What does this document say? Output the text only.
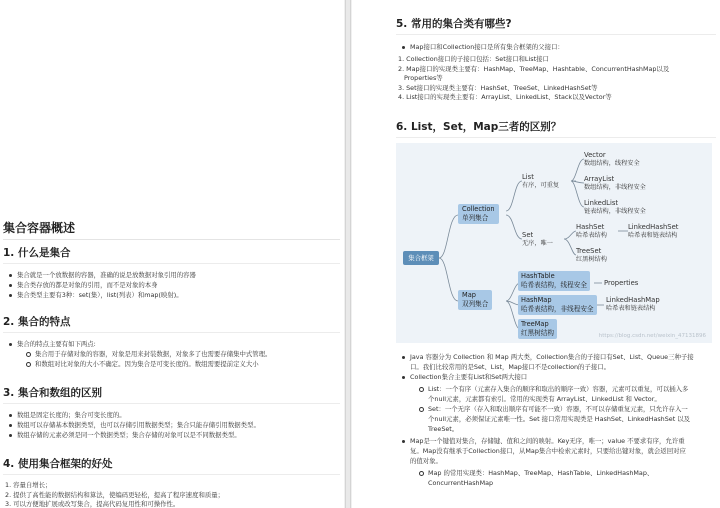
集合容器概述
1. 什么是集合
集合就是一个放数据的容器，准确的说是放数据对象引用的容器
集合类存放的都是对象的引用，而不是对象的本身
集合类型主要有3种：set(集），list(列表）和map(映射)。
2. 集合的特点
集合的特点主要有如下两点:
集合用于存储对象的容器，对象是用来封装数据，对象多了也需要存储集中式管理。
和数组对比对象的大小不确定。因为集合是可变长度的。数组需要提前定义大小
3. 集合和数组的区别
数组是固定长度的；集合可变长度的。
数组可以存储基本数据类型，也可以存储引用数据类型；集合只能存储引用数据类型。
数组存储的元素必须是同一个数据类型；集合存储的对象可以是不同数据类型。
4. 使用集合框架的好处
1. 容量自增长；
2. 提供了高性能的数据结构和算法，使编码更轻松，提高了程序速度和质量；
3. 可以方便地扩展或改写集合，提高代码复用性和可操作性。
5. 常用的集合类有哪些?
Map接口和Collection接口是所有集合框架的父接口：
1. Collection接口的子接口包括：Set接口和List接口
2. Map接口的实现类主要有：HashMap、TreeMap、Hashtable、ConcurrentHashMap以及
Properties等
3. Set接口的实现类主要有：HashSet、TreeSet、LinkedHashSet等
4. List接口的实现类主要有：ArrayList、LinkedList、Stack以及Vector等
6. List，Set，Map三者的区别？
集合框架
Collection
单列集合
List
有序，可重复
Vector
数组结构，线程安全
ArrayList
数组结构，非线程安全
LinkedList
链表结构，非线程安全
Set
无序，唯一
HashSet
哈希表结构
LinkedHashSet
哈希表和链表结构
TreeSet
红黑树结构
Map
双列集合
HashTable
哈希表结构，线程安全	Properties
HashMap
哈希表结构，非线程安全
LinkedHashMap
哈希表和链表结构
TreeMap
红黑树结构	https://blog.csdn.net/weixin_47131896
Java 容器分为 Collection 和 Map 两大类，Collection集合的子接口有Set、List、Queue三种子接
口。我们比较常用的是Set、List，Map接口不是collection的子接口。
Collection集合主要有List和Set两大接口
List：一个有序（元素存入集合的顺序和取出的顺序一致）容器，元素可以重复，可以插入多
个null元素，元素都有索引。常用的实现类有 ArrayList、LinkedList 和 Vector。
Set：一个无序（存入和取出顺序有可能不一致）容器，不可以存储重复元素，只允许存入一
个null元素，必须保证元素唯一性。Set 接口常用实现类是 HashSet、LinkedHashSet 以及
TreeSet。
Map是一个键值对集合，存储键、值和之间的映射。Key无序，唯一；value 不要求有序，允许重
复。Map没有继承于Collection接口，从Map集合中检索元素时，只要给出键对象，就会返回对应
的值对象。
Map 的常用实现类：HashMap、TreeMap、HashTable、LinkedHashMap、
ConcurrentHashMap
